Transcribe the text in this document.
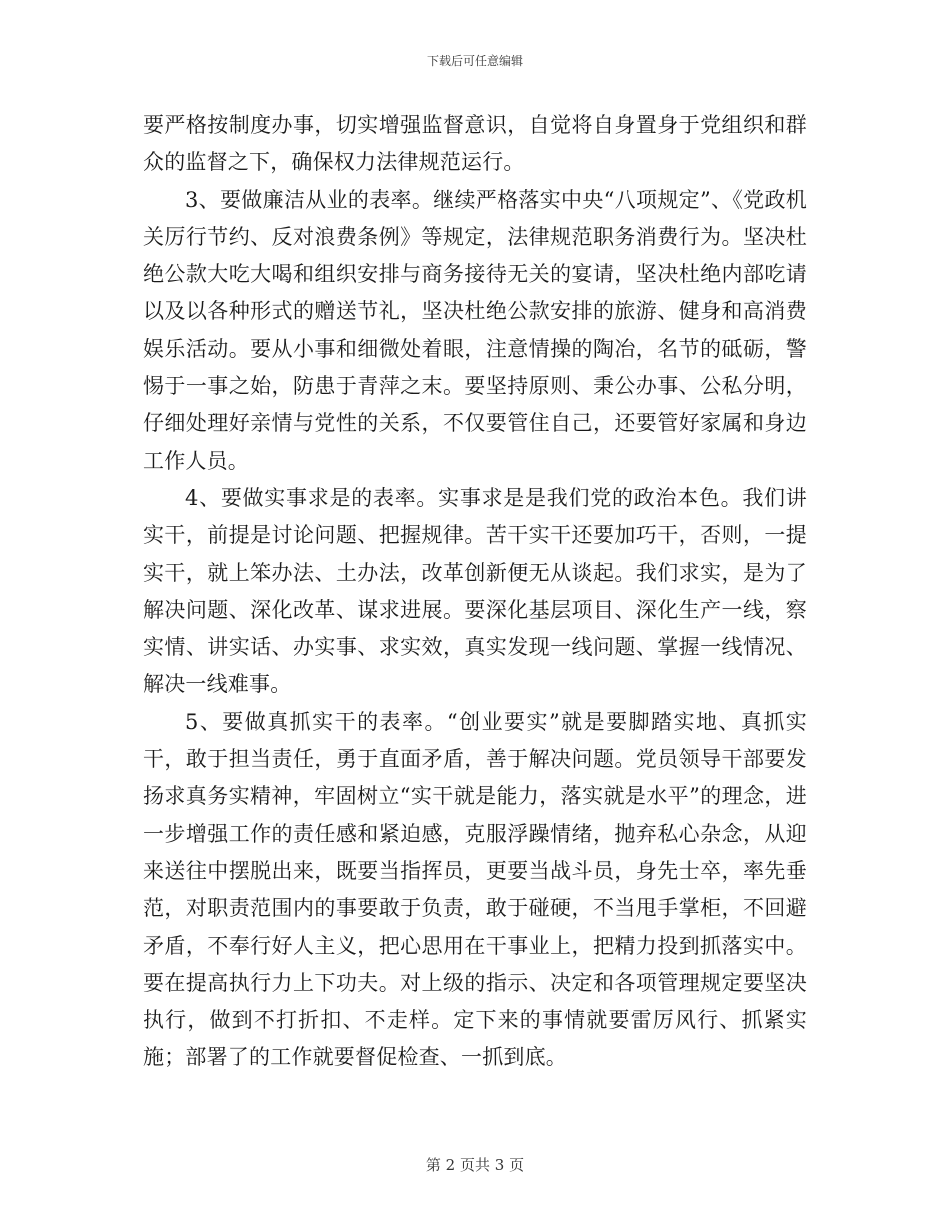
下载后可任意编辑

要严格按制度办事，切实增强监督意识，自觉将自身置身于党组织和群众的监督之下，确保权力法律规范运行。

3、要做廉洁从业的表率。继续严格落实中央“八项规定”、《党政机关厉行节约、反对浪费条例》等规定，法律规范职务消费行为。坚决杜绝公款大吃大喝和组织安排与商务接待无关的宴请，坚决杜绝内部吃请以及以各种形式的赠送节礼，坚决杜绝公款安排的旅游、健身和高消费娱乐活动。要从小事和细微处着眼，注意情操的陶冶，名节的砥砺，警惕于一事之始，防患于青萍之末。要坚持原则、秉公办事、公私分明，仔细处理好亲情与党性的关系，不仅要管住自己，还要管好家属和身边工作人员。

4、要做实事求是的表率。实事求是是我们党的政治本色。我们讲实干，前提是讨论问题、把握规律。苦干实干还要加巧干，否则，一提实干，就上笨办法、土办法，改革创新便无从谈起。我们求实，是为了解决问题、深化改革、谋求进展。要深化基层项目、深化生产一线，察实情、讲实话、办实事、求实效，真实发现一线问题、掌握一线情况、解决一线难事。

5、要做真抓实干的表率。“创业要实”就是要脚踏实地、真抓实干，敢于担当责任，勇于直面矛盾，善于解决问题。党员领导干部要发扬求真务实精神，牢固树立“实干就是能力，落实就是水平”的理念，进一步增强工作的责任感和紧迫感，克服浮躁情绪，抛弃私心杂念，从迎来送往中摆脱出来，既要当指挥员，更要当战斗员，身先士卒，率先垂范，对职责范围内的事要敢于负责，敢于碰硬，不当甩手掌柜，不回避矛盾，不奉行好人主义，把心思用在干事业上，把精力投到抓落实中。要在提高执行力上下功夫。对上级的指示、决定和各项管理规定要坚决执行，做到不打折扣、不走样。定下来的事情就要雷厉风行、抓紧实施；部署了的工作就要督促检查、一抓到底。

第 2 页共 3 页
